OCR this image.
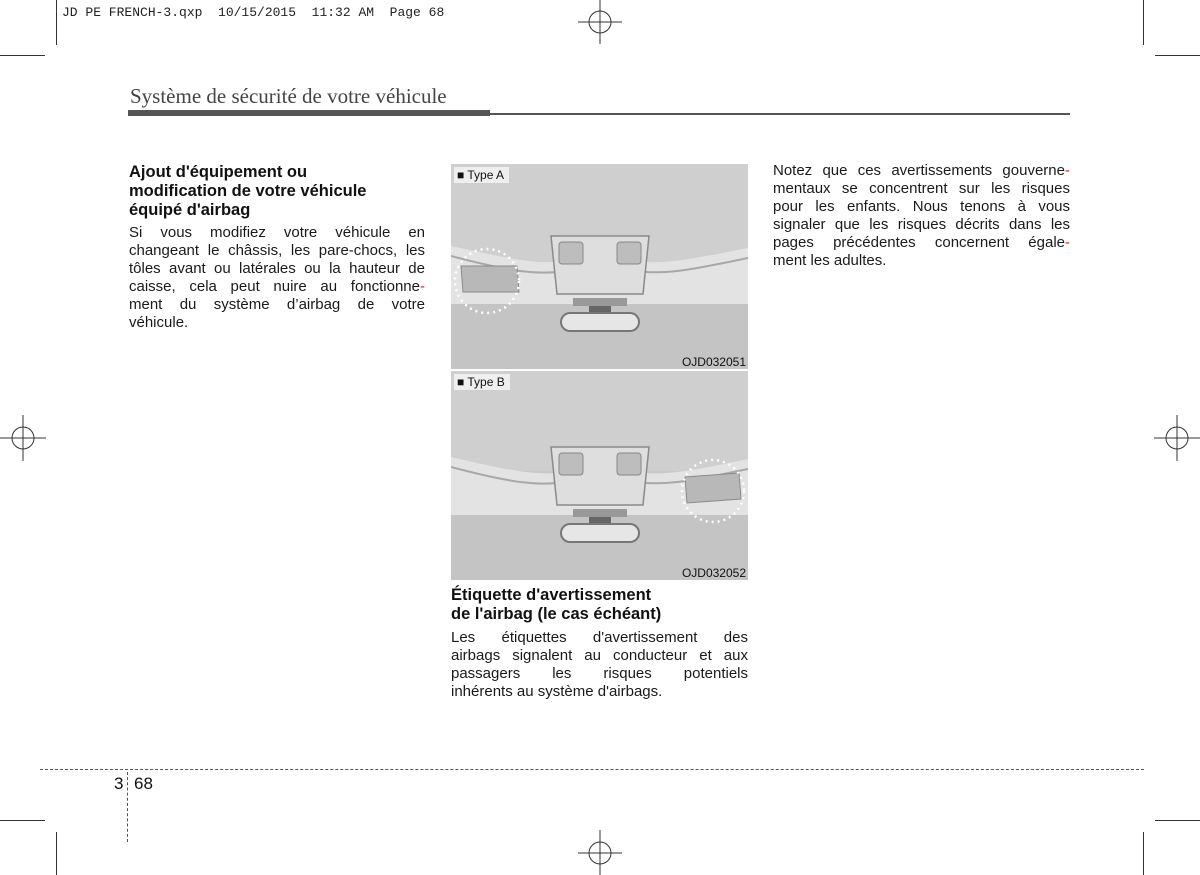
JD PE FRENCH-3.qxp  10/15/2015  11:32 AM  Page 68
Système de sécurité de votre véhicule
Ajout d'équipement ou
modification de votre véhicule
équipé d'airbag
Si vous modifiez votre véhicule en
changeant le châssis, les pare-chocs, les
tôles avant ou latérales ou la hauteur de
caisse, cela peut nuire au fonctionne-
ment du système d’airbag de votre
véhicule.
■ Type A
OJD032051
■ Type B
OJD032052
Étiquette d'avertissement
de l'airbag (le cas échéant)
Les étiquettes d'avertissement des
airbags signalent au conducteur et aux
passagers les risques potentiels
inhérents au système d'airbags.
Notez que ces avertissements gouverne-
mentaux se concentrent sur les risques
pour les enfants. Nous tenons à vous
signaler que les risques décrits dans les
pages précédentes concernent égale-
ment les adultes.
3 68
